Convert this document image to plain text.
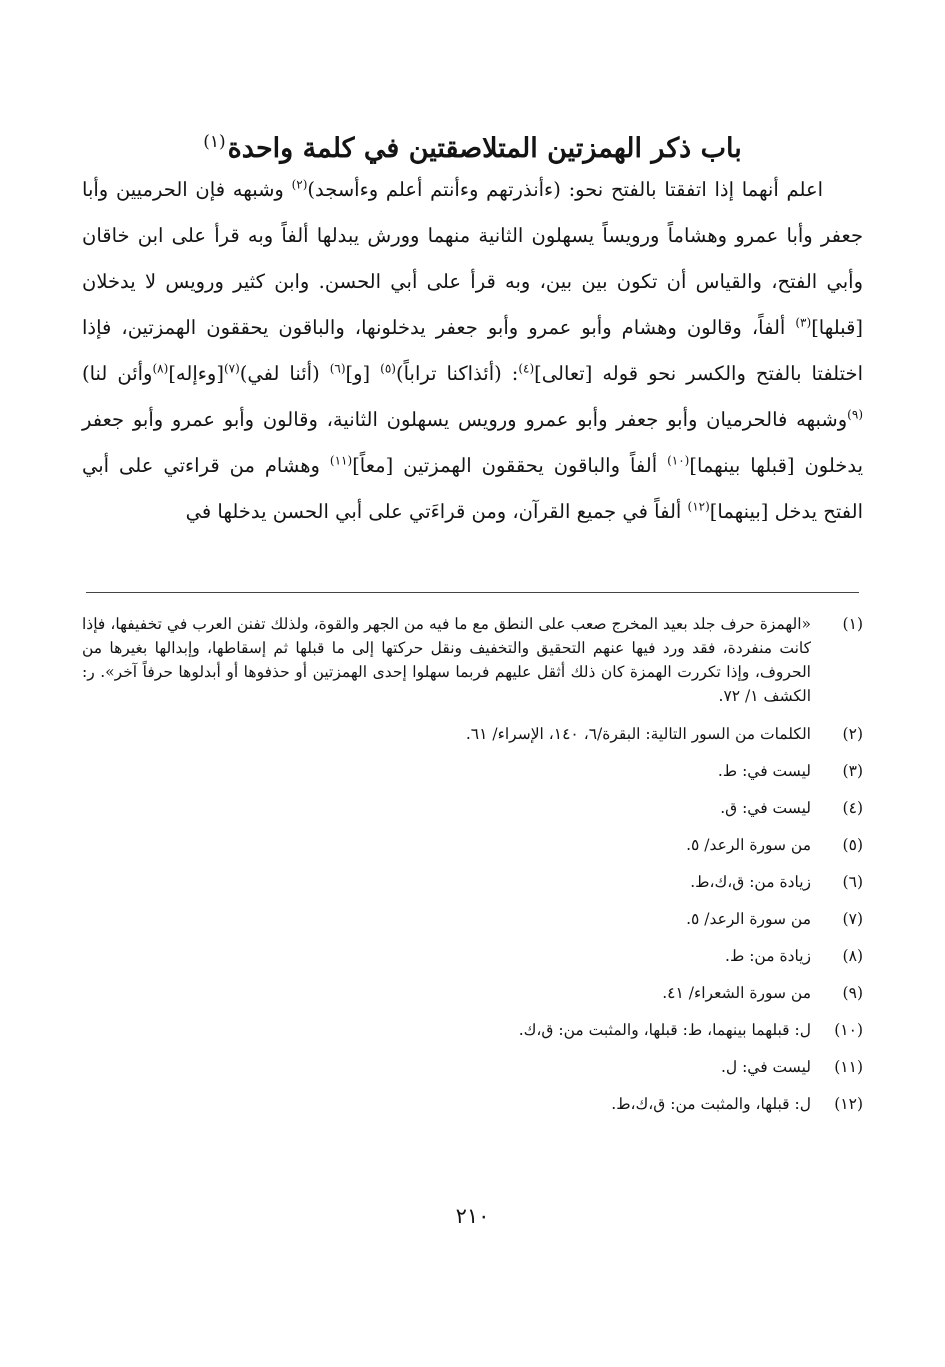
باب ذكر الهمزتين المتلاصقتين في كلمة واحدة$^{(١)}$

اعلم أنهما إذا اتفقتا بالفتح نحو: (ءأنذرتهم وءأنتم أعلم وءأسجد)$^{(٢)}$ وشبهه فإن الحرميين وأبا جعفر وأبا عمرو وهشاماً ورويساً يسهلون الثانية منهما وورش يبدلها ألفاً وبه قرأ على ابن خاقان وأبي الفتح، والقياس أن تكون بين بين، وبه قرأ على أبي الحسن. وابن كثير ورويس لا يدخلان [قبلها]$^{(٣)}$ ألفاً، وقالون وهشام وأبو عمرو وأبو جعفر يدخلونها، والباقون يحققون الهمزتين، فإذا اختلفتا بالفتح والكسر نحو قوله [تعالى]$^{(٤)}$: (أئذاكنا تراباً)$^{(٥)}$ [و]$^{(٦)}$ (أئنا لفي)$^{(٧)}$[وءإله]$^{(٨)}$وأئن لنا)$^{(٩)}$وشبهه فالحرميان وأبو جعفر وأبو عمرو ورويس يسهلون الثانية، وقالون وأبو عمرو وأبو جعفر يدخلون [قبلها بينهما]$^{(١٠)}$ ألفاً والباقون يحققون الهمزتين [معاً]$^{(١١)}$ وهشام من قراءتي على أبي الفتح يدخل [بينهما]$^{(١٢)}$ ألفاً في جميع القرآن، ومن قراءَتي على أبي الحسن يدخلها في

(١)
«الهمزة حرف جلد بعيد المخرج صعب على النطق مع ما فيه من الجهر والقوة، ولذلك تفنن العرب في تخفيفها، فإذا كانت منفردة، فقد ورد فيها عنهم التحقيق والتخفيف ونقل حركتها إلى ما قبلها ثم إسقاطها، وإبدالها بغيرها من الحروف، وإذا تكررت الهمزة كان ذلك أثقل عليهم فربما سهلوا إحدى الهمزتين أو حذفوها أو أبدلوها حرفاً آخر». ر: الكشف ١/ ٧٢.
(٢)
الكلمات من السور التالية: البقرة/٦، ١٤٠، الإسراء/ ٦١.
(٣)
ليست في: ط.
(٤)
ليست في: ق.
(٥)
من سورة الرعد/ ٥.
(٦)
زيادة من: ق،ك،ط.
(٧)
من سورة الرعد/ ٥.
(٨)
زيادة من: ط.
(٩)
من سورة الشعراء/ ٤١.
(١٠)
ل: قبلهما بينهما، ط: قبلها، والمثبت من: ق،ك.
(١١)
ليست في: ل.
(١٢)
ل: قبلها، والمثبت من: ق،ك،ط.
٢١٠
